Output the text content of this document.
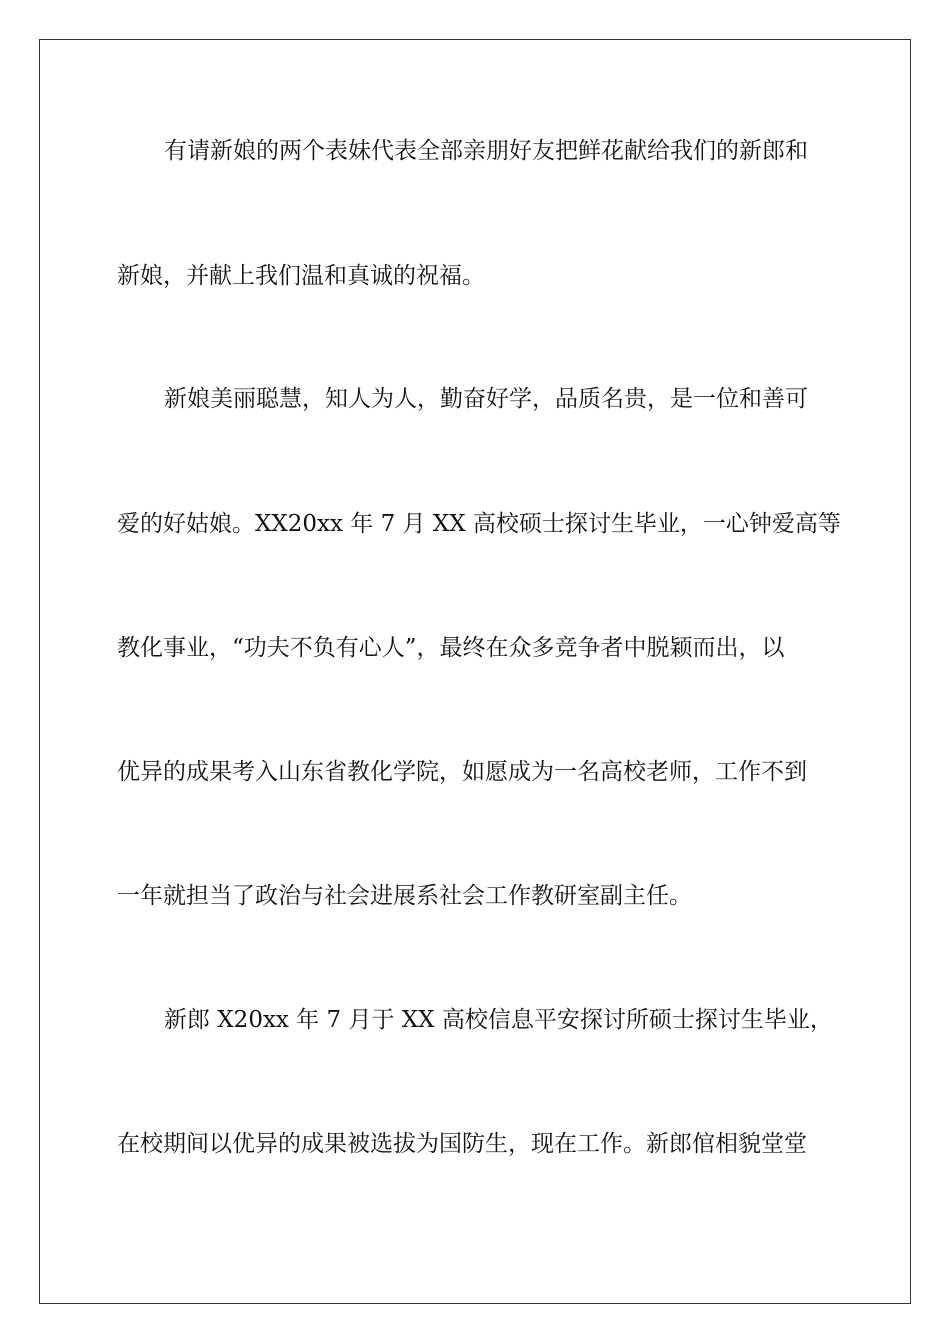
有请新娘的两个表妹代表全部亲朋好友把鲜花献给我们的新郎和
新娘，并献上我们温和真诚的祝福。
新娘美丽聪慧，知人为人，勤奋好学，品质名贵，是一位和善可
爱的好姑娘。XX20xx 年 7 月 XX 高校硕士探讨生毕业，一心钟爱高等
教化事业，“功夫不负有心人”，最终在众多竞争者中脱颖而出，以
优异的成果考入山东省教化学院，如愿成为一名高校老师，工作不到
一年就担当了政治与社会进展系社会工作教研室副主任。
新郎 X20xx 年 7 月于 XX 高校信息平安探讨所硕士探讨生毕业，
在校期间以优异的成果被选拔为国防生，现在工作。新郎倌相貌堂堂
